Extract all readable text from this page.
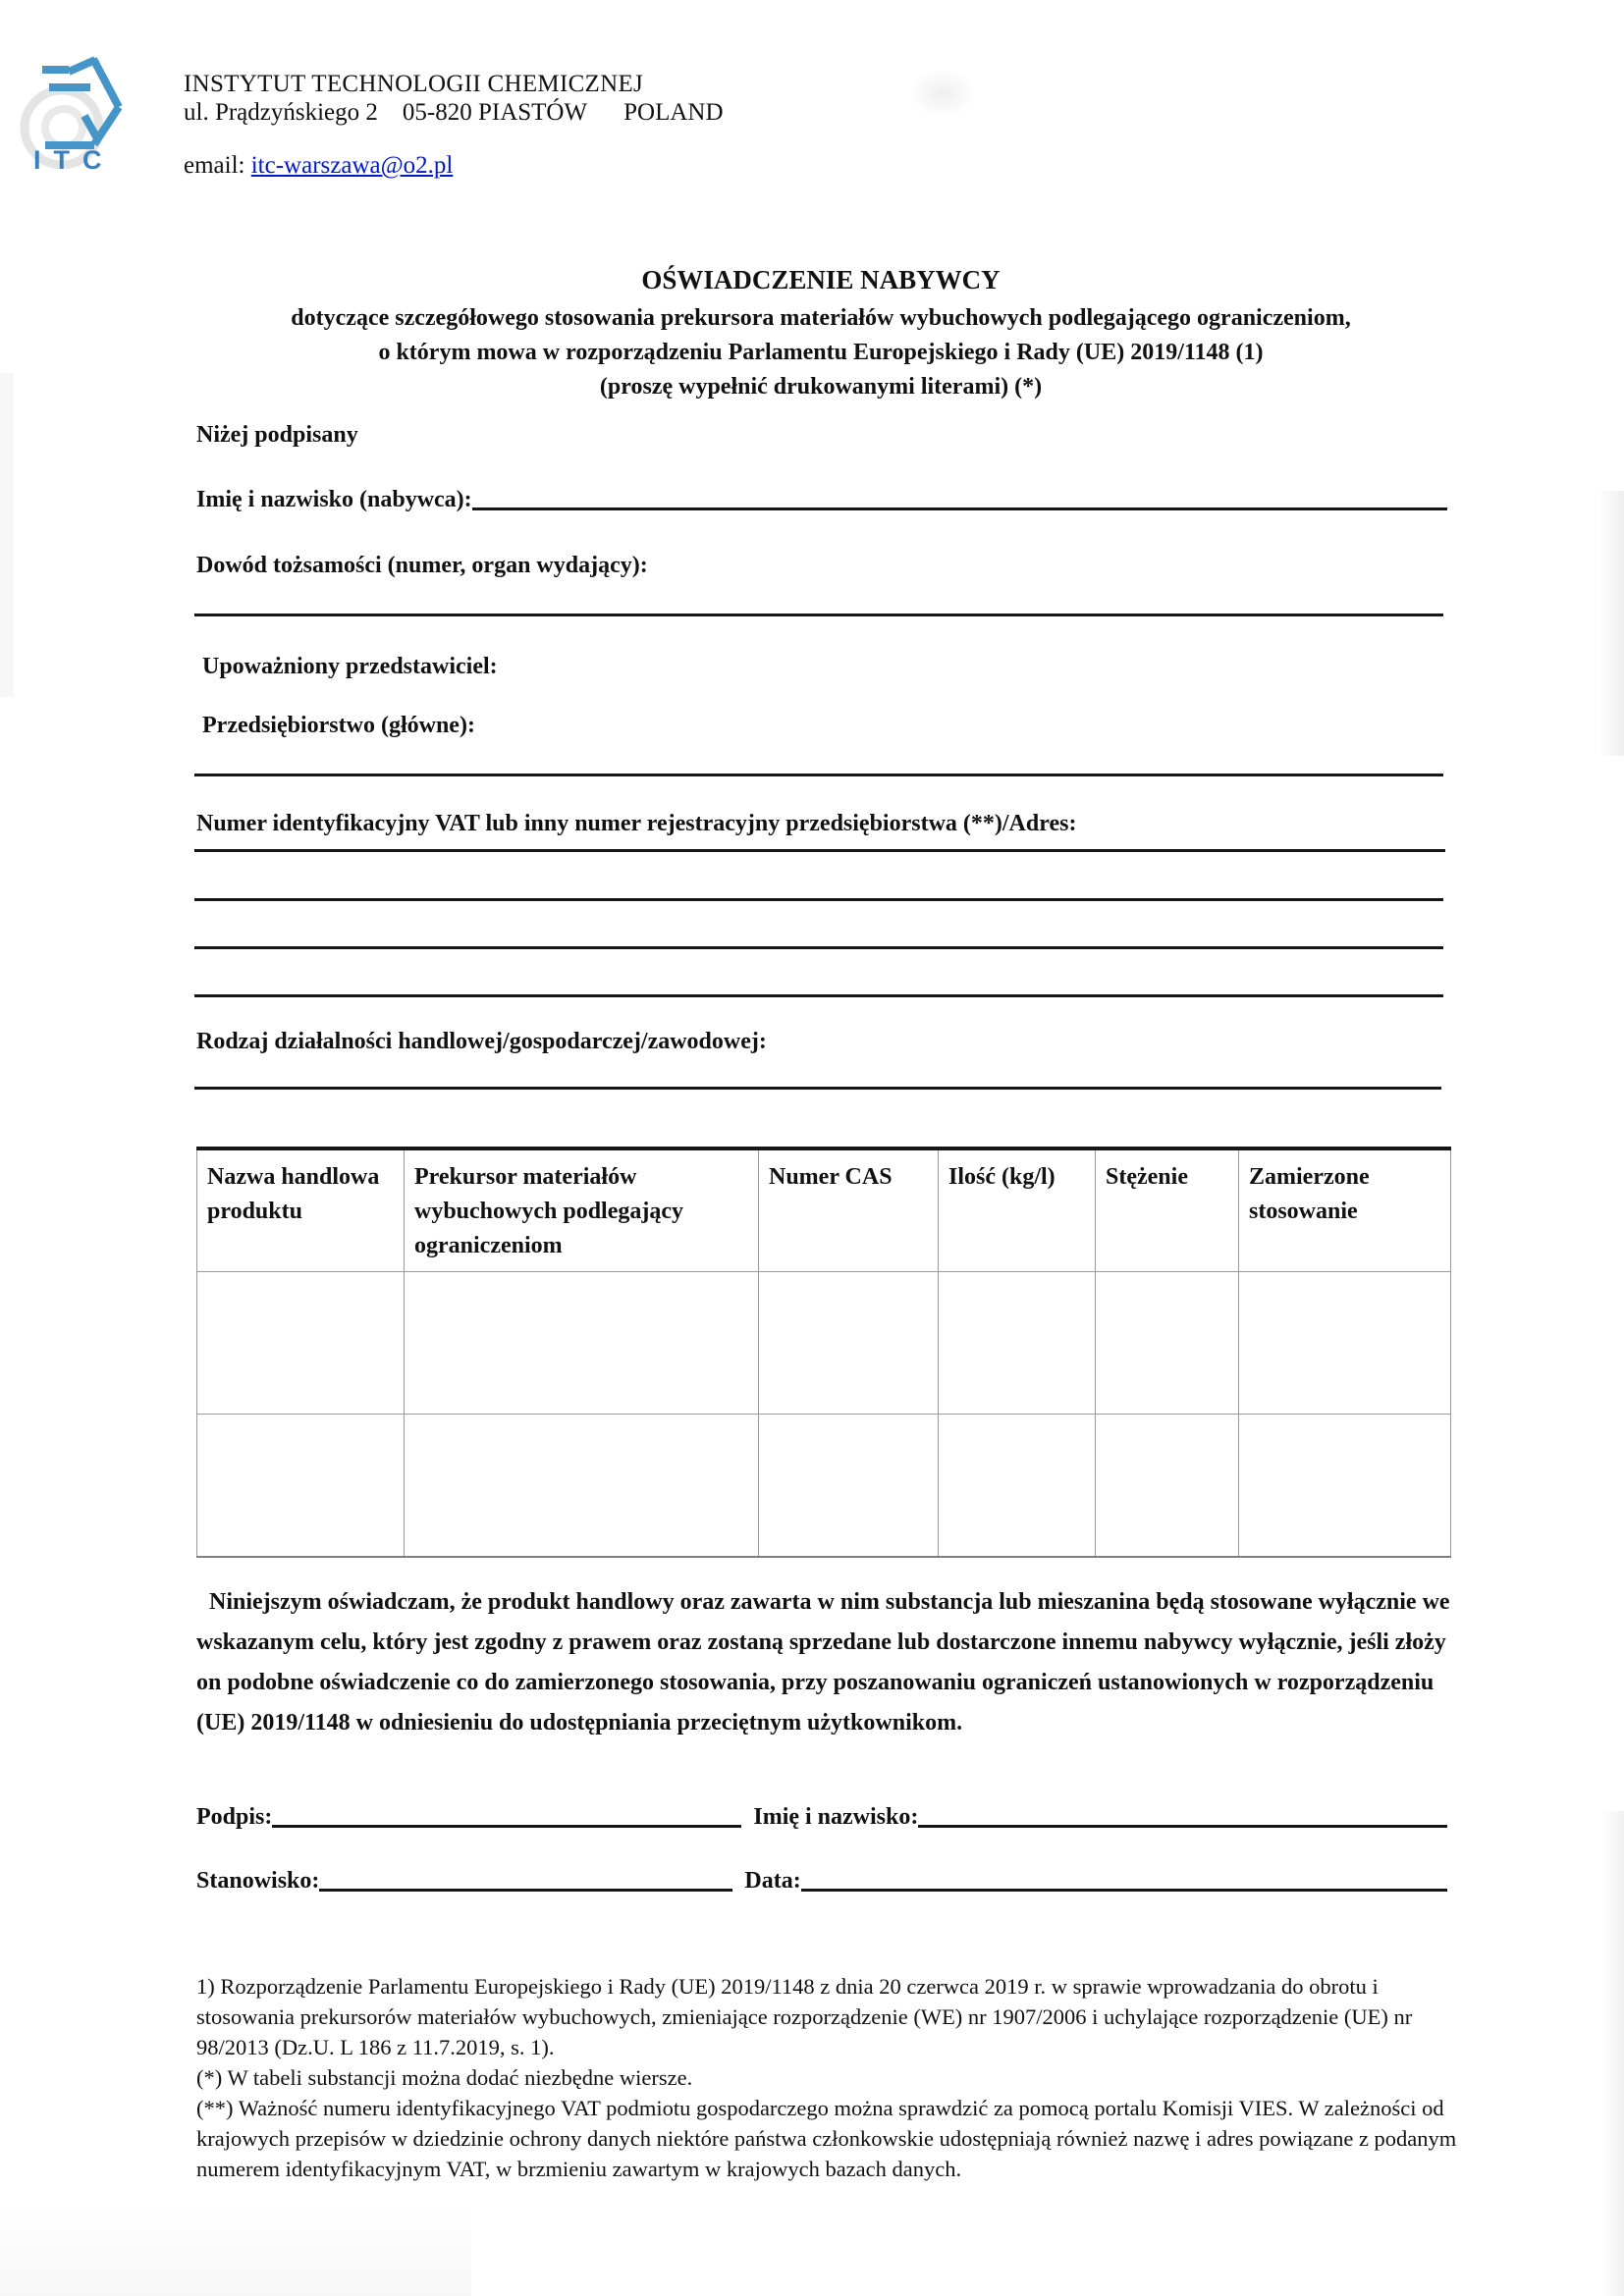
ITC
INSTYTUT TECHNOLOGII CHEMICZNEJ
ul. Prądzyńskiego 2    05-820 PIASTÓW      POLAND
email: itc-warszawa@o2.pl

OŚWIADCZENIE NABYWCY

dotyczące szczegółowego stosowania prekursora materiałów wybuchowych podlegającego ograniczeniom,

o którym mowa w rozporządzeniu Parlamentu Europejskiego i Rady (UE) 2019/1148 (1)

(proszę wypełnić drukowanymi literami) (*)

Niżej podpisany
Imię i nazwisko (nabywca):
Dowód tożsamości (numer, organ wydający):
Upoważniony przedstawiciel:
Przedsiębiorstwo (główne):
Numer identyfikacyjny VAT lub inny numer rejestracyjny przedsiębiorstwa (**)/Adres:
Rodzaj działalności handlowej/gospodarczej/zawodowej:
Nazwa handlowa produktu	Prekursor materiałów wybuchowych podlegający ograniczeniom	Numer CAS	Ilość (kg/l)	Stężenie	Zamierzone stosowanie

Niniejszym oświadczam, że produkt handlowy oraz zawarta w nim substancja lub mieszanina będą stosowane wyłącznie we wskazanym celu, który jest zgodny z prawem oraz zostaną sprzedane lub dostarczone innemu nabywcy wyłącznie, jeśli złoży on podobne oświadczenie co do zamierzonego stosowania, przy poszanowaniu ograniczeń ustanowionych w rozporządzeniu (UE) 2019/1148 w odniesieniu do udostępniania przeciętnym użytkownikom.

Podpis:	Imię i nazwisko:
Stanowisko:	Data:

1) Rozporządzenie Parlamentu Europejskiego i Rady (UE) 2019/1148 z dnia 20 czerwca 2019 r. w sprawie wprowadzania do obrotu i stosowania prekursorów materiałów wybuchowych, zmieniające rozporządzenie (WE) nr 1907/2006 i uchylające rozporządzenie (UE) nr 98/2013 (Dz.U. L 186 z 11.7.2019, s. 1).

(*) W tabeli substancji można dodać niezbędne wiersze.

(**) Ważność numeru identyfikacyjnego VAT podmiotu gospodarczego można sprawdzić za pomocą portalu Komisji VIES. W zależności od krajowych przepisów w dziedzinie ochrony danych niektóre państwa członkowskie udostępniają również nazwę i adres powiązane z podanym numerem identyfikacyjnym VAT, w brzmieniu zawartym w krajowych bazach danych.
